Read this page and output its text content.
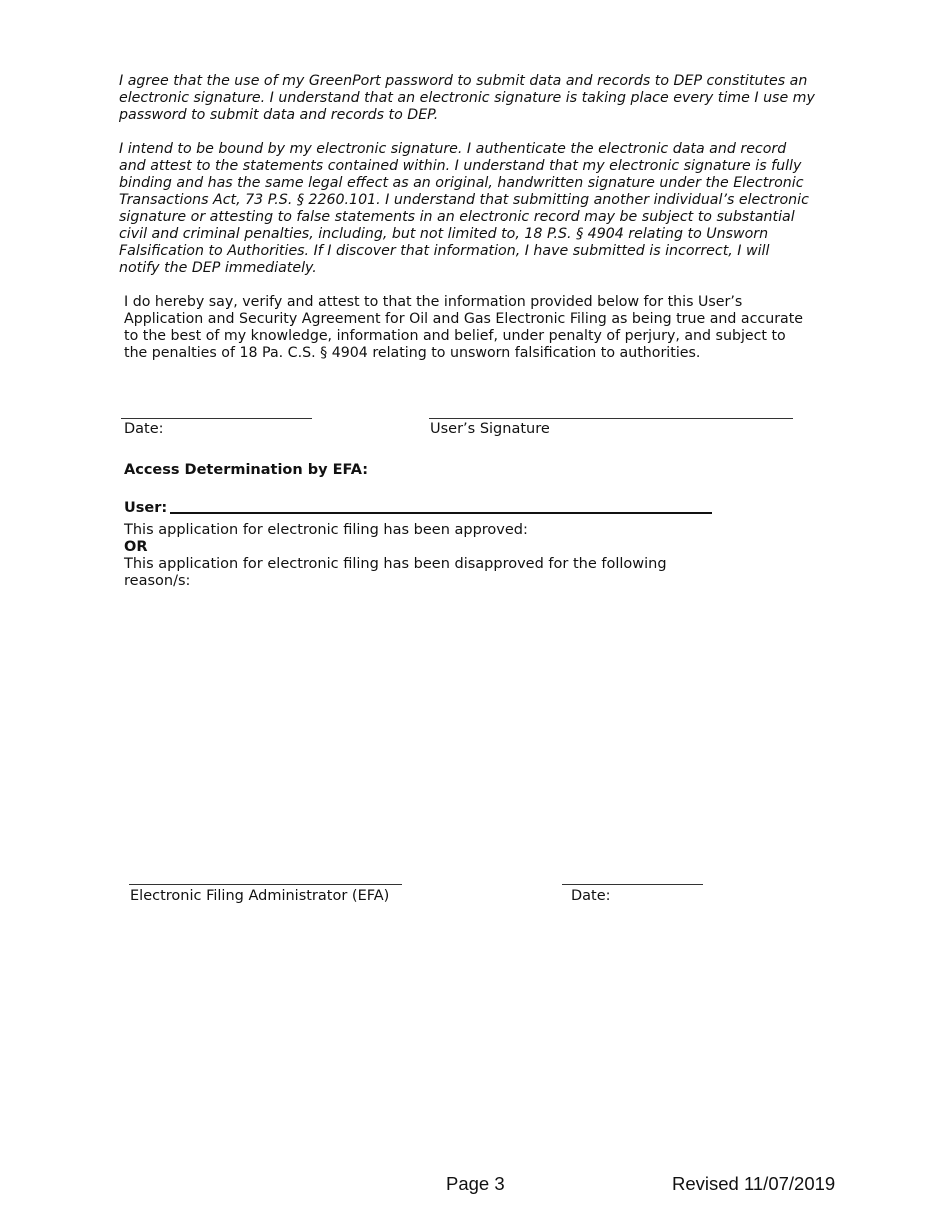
I agree that the use of my GreenPort password to submit data and records to DEP constitutes an
electronic signature. I understand that an electronic signature is taking place every time I use my
password to submit data and records to DEP.
I intend to be bound by my electronic signature. I authenticate the electronic data and record
and attest to the statements contained within. I understand that my electronic signature is fully
binding and has the same legal effect as an original, handwritten signature under the Electronic
Transactions Act, 73 P.S. § 2260.101. I understand that submitting another individual’s electronic
signature or attesting to false statements in an electronic record may be subject to substantial
civil and criminal penalties, including, but not limited to, 18 P.S. § 4904 relating to Unsworn
Falsification to Authorities. If I discover that information, I have submitted is incorrect, I will
notify the DEP immediately.
I do hereby say, verify and attest to that the information provided below for this User’s
Application and Security Agreement for Oil and Gas Electronic Filing as being true and accurate
to the best of my knowledge, information and belief, under penalty of perjury, and subject to
the penalties of 18 Pa. C.S. § 4904 relating to unsworn falsification to authorities.
Date:	User’s Signature
Access Determination by EFA:
User:
This application for electronic filing has been approved:
OR
This application for electronic filing has been disapproved for the following
reason/s:
Electronic Filing Administrator (EFA)	Date:
Page 3	Revised 11/07/2019
